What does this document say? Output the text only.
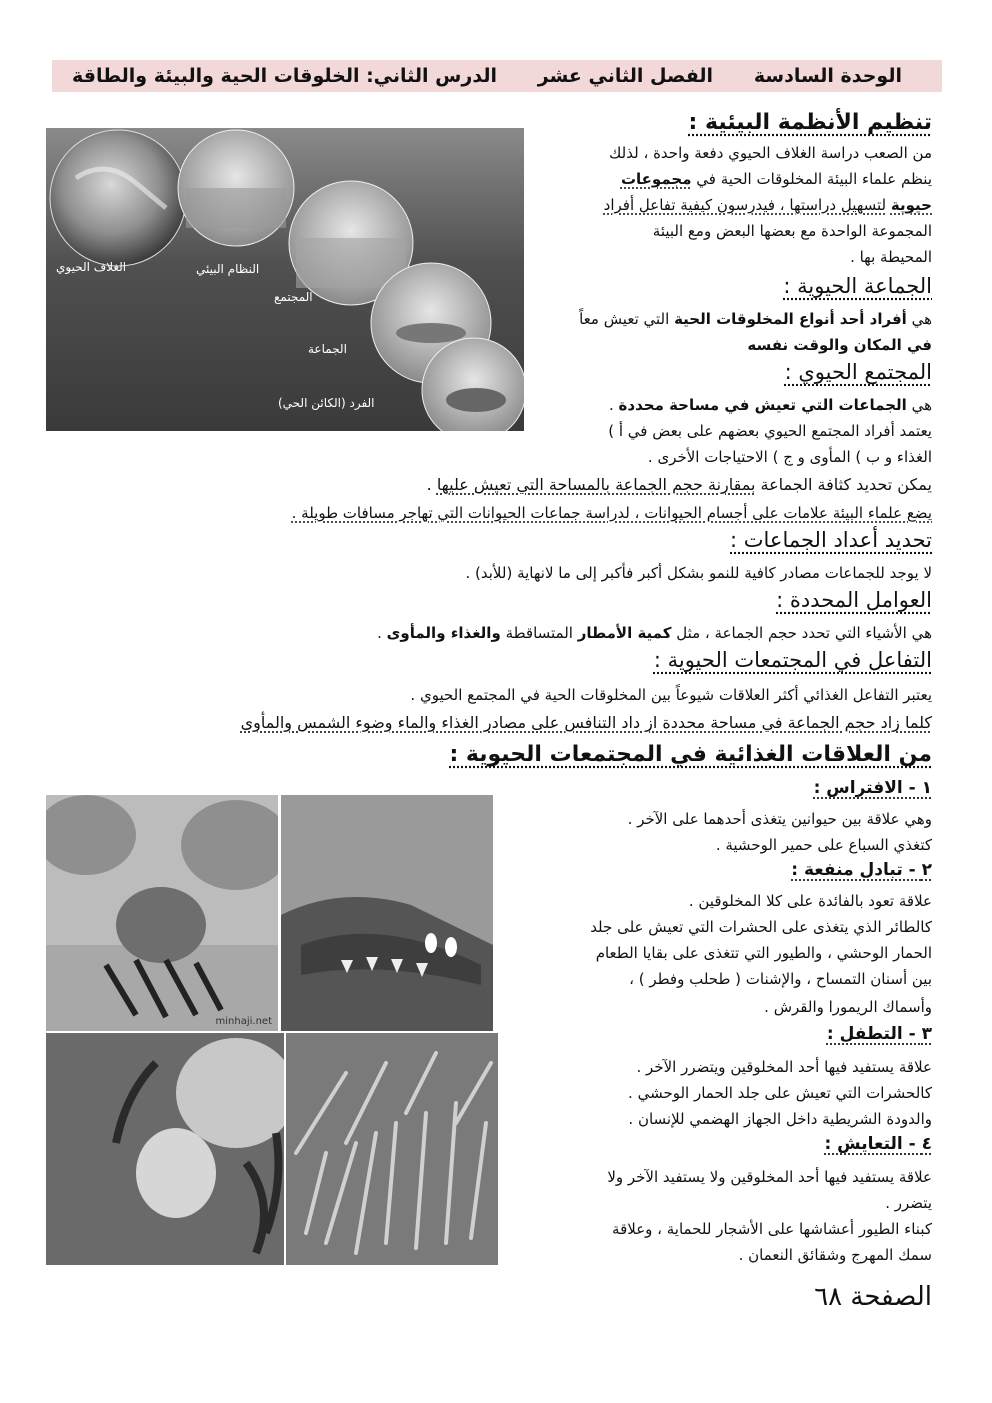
الوحدة السادسة
الفصل الثاني عشر
الدرس الثاني: الخلوقات الحية والبيئة والطاقة
الغلاف الحيوي	النظام البيئي
المجتمع
الجماعة
الفرد (الكائن الحي)
تنظيم الأنظمة البيئية :
من الصعب دراسة الغلاف الحيوي دفعة واحدة ، لذلك
ينظم علماء البيئة المخلوقات الحية في مجموعات
حيوية لتسهيل دراستها ، فيدرسون كيفية تفاعل أفراد
المجموعة الواحدة مع بعضها البعض ومع البيئة
المحيطة بها .
الجماعة الحيوية :
هي أفراد أحد أنواع المخلوقات الحية التي تعيش معاً
في المكان والوقت نفسه
المجتمع الحيوي :
هي الجماعات التي تعيش في مساحة محددة .
يعتمد أفراد المجتمع الحيوي بعضهم على بعض في أ )
الغذاء و ب ) المأوى و ج ) الاحتياجات الأخرى .
يمكن تحديد كثافة الجماعة بمقارنة حجم الجماعة بالمساحة التي تعيش عليها .
يضع علماء البيئة علامات على أجسام الحيوانات ، لدراسة جماعات الحيوانات التي تهاجر مسافات طويلة .
تحديد أعداد الجماعات :
لا يوجد للجماعات مصادر كافية للنمو بشكل أكبر فأكبر إلى ما لانهاية (للأبد) .
العوامل المحددة :
هي الأشياء التي تحدد حجم الجماعة ، مثل كمية الأمطار المتساقطة والغذاء والمأوى .
التفاعل في المجتمعات الحيوية :
يعتبر التفاعل الغذائي أكثر العلاقات شيوعاً بين المخلوقات الحية في المجتمع الحيوي .
كلما زاد حجم الجماعة في مساحة محددة از داد التنافس على مصادر الغذاء والماء وضوء الشمس والمأوى
من العلاقات الغذائية في المجتمعات الحيوية :
١ - الافتراس :
وهي علاقة بين حيوانين يتغذى أحدهما على الآخر .
كتغذي السباع على حمير الوحشية .
٢ - تبادل منفعة :
علاقة تعود بالفائدة على كلا المخلوقين .
كالطائر الذي يتغذى على الحشرات التي تعيش على جلد
الحمار الوحشي ، والطيور التي تتغذى على بقايا الطعام
بين أسنان التمساح ، والإشنات ( طحلب وفطر ) ،
وأسماك الريمورا والقرش .
٣ - التطفل :
علاقة يستفيد فيها أحد المخلوقين ويتضرر الآخر .
كالحشرات التي تعيش على جلد الحمار الوحشي .
والدودة الشريطية داخل الجهاز الهضمي للإنسان .
٤ - التعايش :
علاقة يستفيد فيها أحد المخلوقين ولا يستفيد الآخر ولا
يتضرر .
كبناء الطيور أعشاشها على الأشجار للحماية ، وعلاقة
سمك المهرج وشقائق النعمان .
minhaji.net
الصفحة ٦٨
